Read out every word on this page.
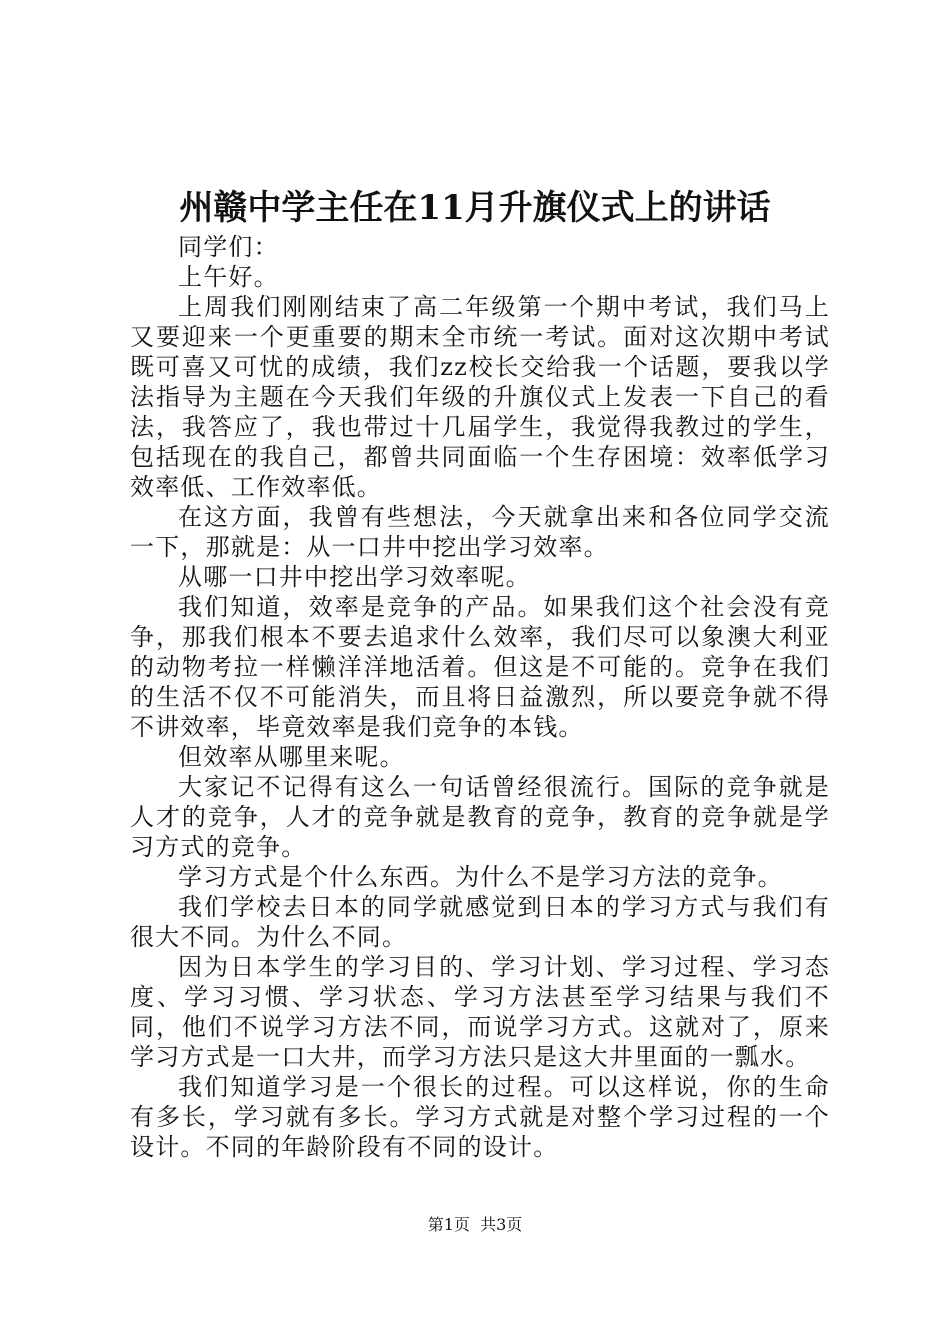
州赣中学主任在11月升旗仪式上的讲话

同学们：

上午好。

上周我们刚刚结束了高二年级第一个期中考试，我们马上又要迎来一个更重要的期末全市统一考试。面对这次期中考试既可喜又可忧的成绩，我们zz校长交给我一个话题，要我以学法指导为主题在今天我们年级的升旗仪式上发表一下自己的看法，我答应了，我也带过十几届学生，我觉得我教过的学生，包括现在的我自己，都曾共同面临一个生存困境：效率低学习效率低、工作效率低。

在这方面，我曾有些想法，今天就拿出来和各位同学交流一下，那就是：从一口井中挖出学习效率。

从哪一口井中挖出学习效率呢。

我们知道，效率是竞争的产品。如果我们这个社会没有竞争，那我们根本不要去追求什么效率，我们尽可以象澳大利亚的动物考拉一样懒洋洋地活着。但这是不可能的。竞争在我们的生活不仅不可能消失，而且将日益激烈，所以要竞争就不得不讲效率，毕竟效率是我们竞争的本钱。

但效率从哪里来呢。

大家记不记得有这么一句话曾经很流行。国际的竞争就是人才的竞争，人才的竞争就是教育的竞争，教育的竞争就是学习方式的竞争。

学习方式是个什么东西。为什么不是学习方法的竞争。

我们学校去日本的同学就感觉到日本的学习方式与我们有很大不同。为什么不同。

因为日本学生的学习目的、学习计划、学习过程、学习态度、学习习惯、学习状态、学习方法甚至学习结果与我们不同，他们不说学习方法不同，而说学习方式。这就对了，原来学习方式是一口大井，而学习方法只是这大井里面的一瓢水。

我们知道学习是一个很长的过程。可以这样说，你的生命有多长，学习就有多长。学习方式就是对整个学习过程的一个设计。不同的年龄阶段有不同的设计。

第1页 共3页
